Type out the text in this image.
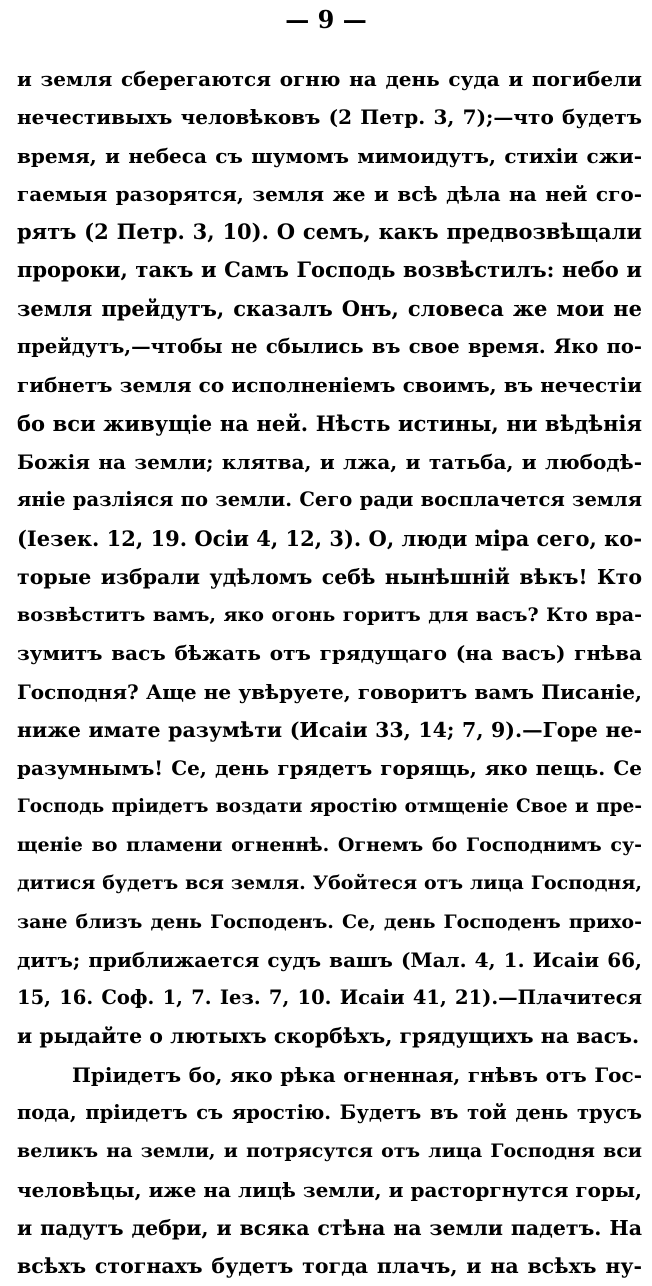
— 9 —
и земля сберегаются огню на день суда и погибели
нечестивыхъ человѣковъ (2 Петр. 3, 7);—что будетъ
время, и небеса съ шумомъ мимоидутъ, стихіи сжи-
гаемыя разорятся, земля же и всѣ дѣла на ней сго-
рятъ (2 Петр. 3, 10). О семъ, какъ предвозвѣщали
пророки, такъ и Самъ Господь возвѣстилъ: небо и
земля прейдутъ, сказалъ Онъ, словеса же мои не
прейдутъ,—чтобы не сбылись въ свое время. Яко по-
гибнетъ земля со исполненіемъ своимъ, въ нечестіи
бо вси живущіе на ней. Нѣсть истины, ни вѣдѣнія
Божія на земли; клятва, и лжа, и татьба, и любодѣ-
яніе разліяся по земли. Сего ради восплачется земля
(Іезек. 12, 19. Осіи 4, 12, 3). О, люди міра сего, ко-
торые избрали удѣломъ себѣ нынѣшній вѣкъ! Кто
возвѣститъ вамъ, яко огонь горитъ для васъ? Кто вра-
зумитъ васъ бѣжать отъ грядущаго (на васъ) гнѣва
Господня? Аще не увѣруете, говоритъ вамъ Писаніе,
ниже имате разумѣти (Исаіи 33, 14; 7, 9).—Горе не-
разумнымъ! Се, день грядетъ горящь, яко пещь. Се
Господь пріидетъ воздати яростію отмщеніе Свое и пре-
щеніе во пламени огненнѣ. Огнемъ бо Господнимъ су-
дитися будетъ вся земля. Убойтеся отъ лица Господня,
зане близъ день Господенъ. Се, день Господенъ прихо-
дитъ; приближается судъ вашъ (Мал. 4, 1. Исаіи 66,
15, 16. Соф. 1, 7. Іез. 7, 10. Исаіи 41, 21).—Плачитеся
и рыдайте о лютыхъ скорбѣхъ, грядущихъ на васъ.
Пріидетъ бо, яко рѣка огненная, гнѣвъ отъ Гос-
пода, пріидетъ съ яростію. Будетъ въ той день трусъ
великъ на земли, и потрясутся отъ лица Господня вси
человѣцы, иже на лицѣ земли, и расторгнутся горы,
и падутъ дебри, и всяка стѣна на земли падетъ. На
всѣхъ стогнахъ будетъ тогда плачъ, и на всѣхъ ну-
